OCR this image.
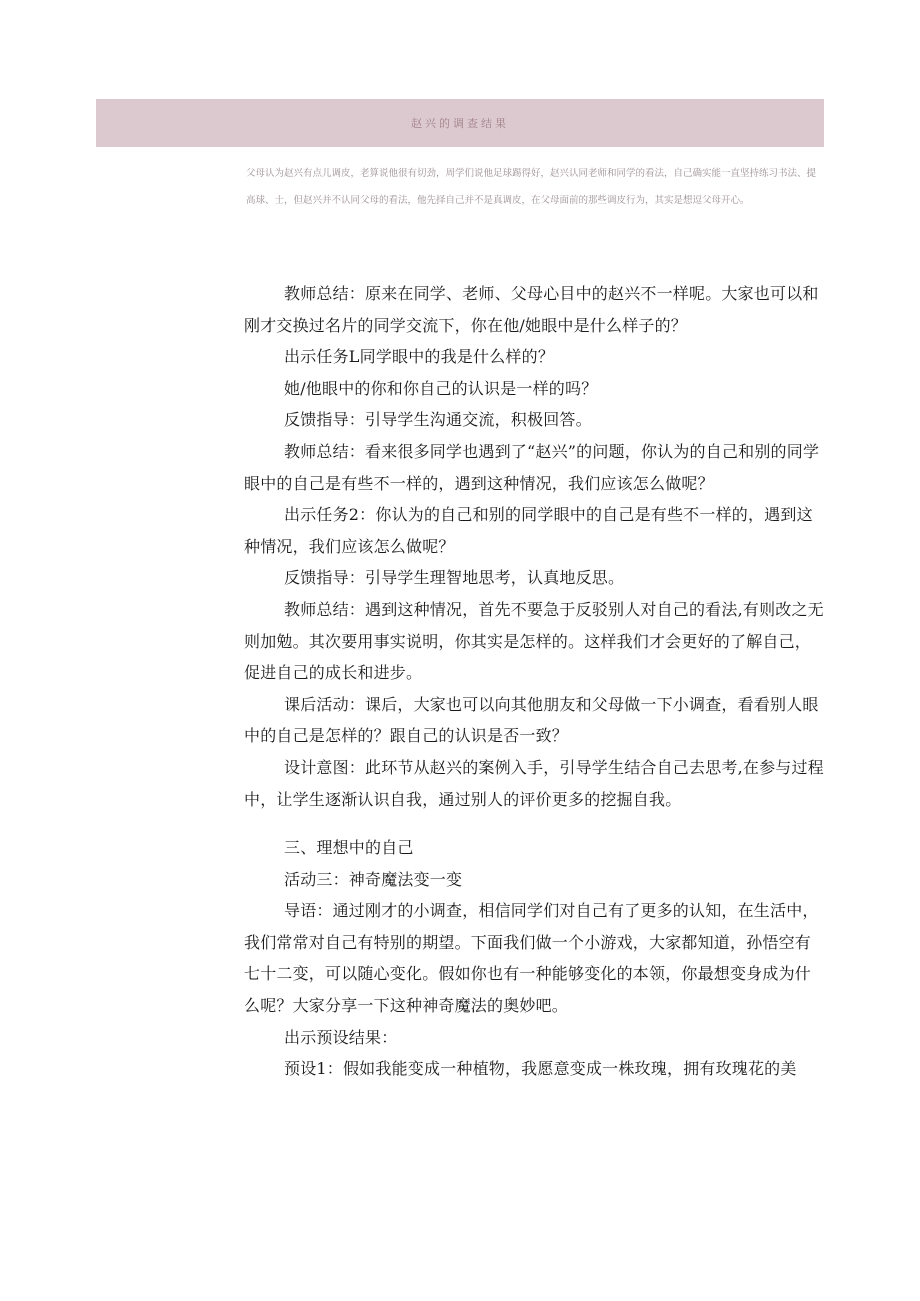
赵兴的调查结果
父母认为赵兴有点儿调皮，老算说他很有切劲，周学们说他足球踢得好，赵兴认同老师和同学的看法，自己确实能一直坚持练习书法、提高球、士，但赵兴并不认同父母的看法，他先择自己并不是真调皮，在父母面前的那些调皮行为，其实是想逗父母开心。

教师总结：原来在同学、老师、父母心目中的赵兴不一样呢。大家也可以和刚才交换过名片的同学交流下，你在他/她眼中是什么样子的？

出示任务L同学眼中的我是什么样的？

她/他眼中的你和你自己的认识是一样的吗？

反馈指导：引导学生沟通交流，积极回答。

教师总结：看来很多同学也遇到了“赵兴”的问题，你认为的自己和别的同学眼中的自己是有些不一样的，遇到这种情况，我们应该怎么做呢？

出示任务2：你认为的自己和别的同学眼中的自己是有些不一样的，遇到这种情况，我们应该怎么做呢？

反馈指导：引导学生理智地思考，认真地反思。

教师总结：遇到这种情况，首先不要急于反驳别人对自己的看法,有则改之无则加勉。其次要用事实说明，你其实是怎样的。这样我们才会更好的了解自己，促进自己的成长和进步。

课后活动：课后，大家也可以向其他朋友和父母做一下小调查，看看别人眼中的自己是怎样的？跟自己的认识是否一致？

设计意图：此环节从赵兴的案例入手，引导学生结合自己去思考,在参与过程中，让学生逐渐认识自我，通过别人的评价更多的挖掘自我。

三、理想中的自己

活动三：神奇魔法变一变

导语：通过刚才的小调查，相信同学们对自己有了更多的认知，在生活中，我们常常对自己有特别的期望。下面我们做一个小游戏，大家都知道，孙悟空有七十二变，可以随心变化。假如你也有一种能够变化的本领，你最想变身成为什么呢？大家分享一下这种神奇魔法的奥妙吧。

出示预设结果：

预设1：假如我能变成一种植物，我愿意变成一株玫瑰，拥有玫瑰花的美
